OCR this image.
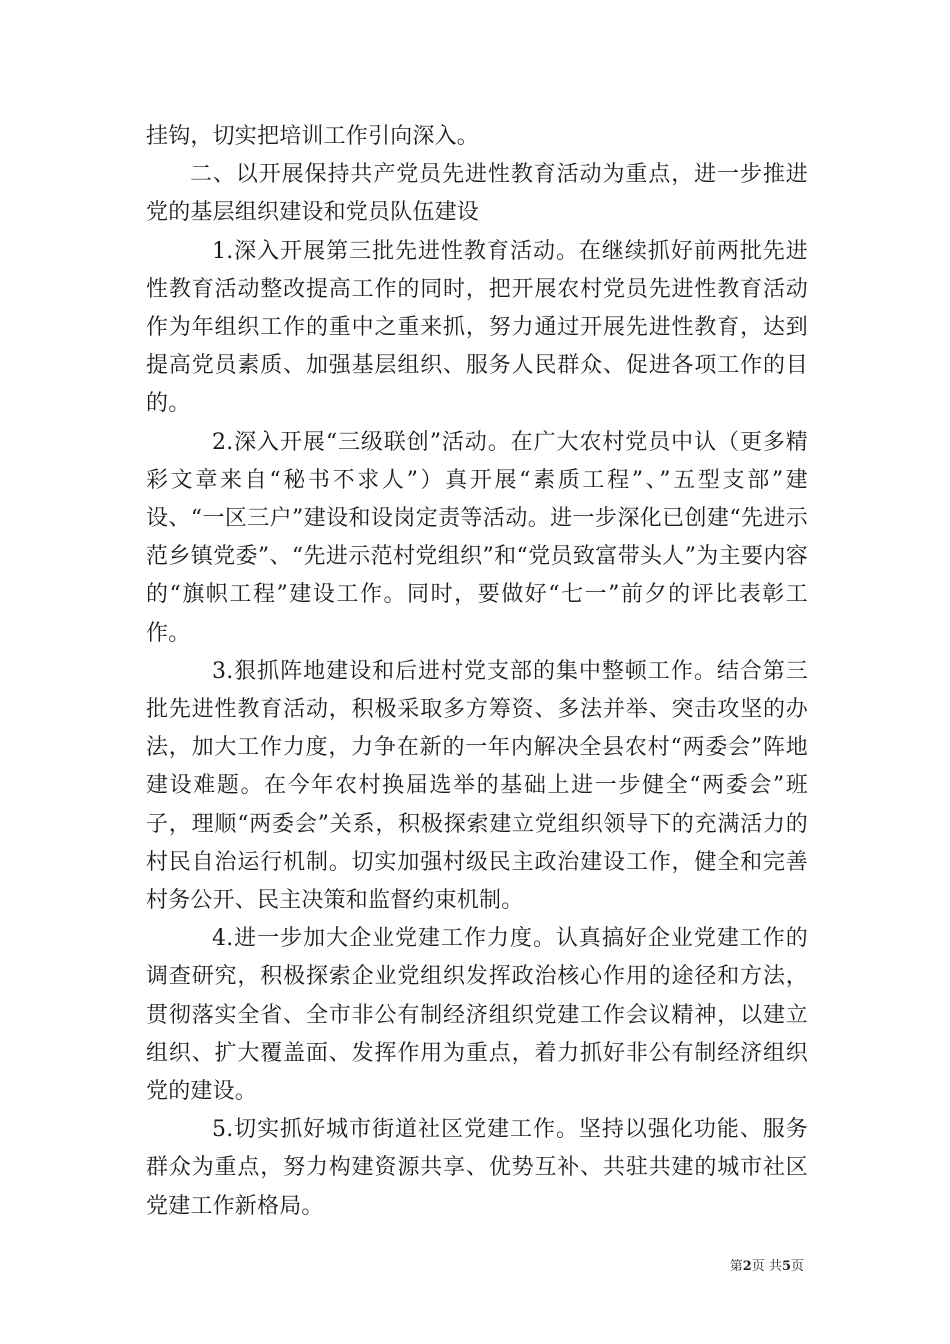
挂钩，切实把培训工作引向深入。

二、以开展保持共产党员先进性教育活动为重点，进一步推进党的基层组织建设和党员队伍建设

1.深入开展第三批先进性教育活动。在继续抓好前两批先进性教育活动整改提高工作的同时，把开展农村党员先进性教育活动作为年组织工作的重中之重来抓，努力通过开展先进性教育，达到提高党员素质、加强基层组织、服务人民群众、促进各项工作的目的。

2.深入开展“三级联创”活动。在广大农村党员中认（更多精彩文章来自“秘书不求人”）真开展“素质工程”、”五型支部”建设、“一区三户”建设和设岗定责等活动。进一步深化已创建“先进示范乡镇党委”、“先进示范村党组织”和“党员致富带头人”为主要内容的“旗帜工程”建设工作。同时，要做好“七一”前夕的评比表彰工作。

3.狠抓阵地建设和后进村党支部的集中整顿工作。结合第三批先进性教育活动，积极采取多方筹资、多法并举、突击攻坚的办法，加大工作力度，力争在新的一年内解决全县农村“两委会”阵地建设难题。在今年农村换届选举的基础上进一步健全“两委会”班子，理顺“两委会”关系，积极探索建立党组织领导下的充满活力的村民自治运行机制。切实加强村级民主政治建设工作，健全和完善村务公开、民主决策和监督约束机制。

4.进一步加大企业党建工作力度。认真搞好企业党建工作的调查研究，积极探索企业党组织发挥政治核心作用的途径和方法，贯彻落实全省、全市非公有制经济组织党建工作会议精神，以建立组织、扩大覆盖面、发挥作用为重点，着力抓好非公有制经济组织党的建设。

5.切实抓好城市街道社区党建工作。坚持以强化功能、服务群众为重点，努力构建资源共享、优势互补、共驻共建的城市社区党建工作新格局。

第2页 共5页
